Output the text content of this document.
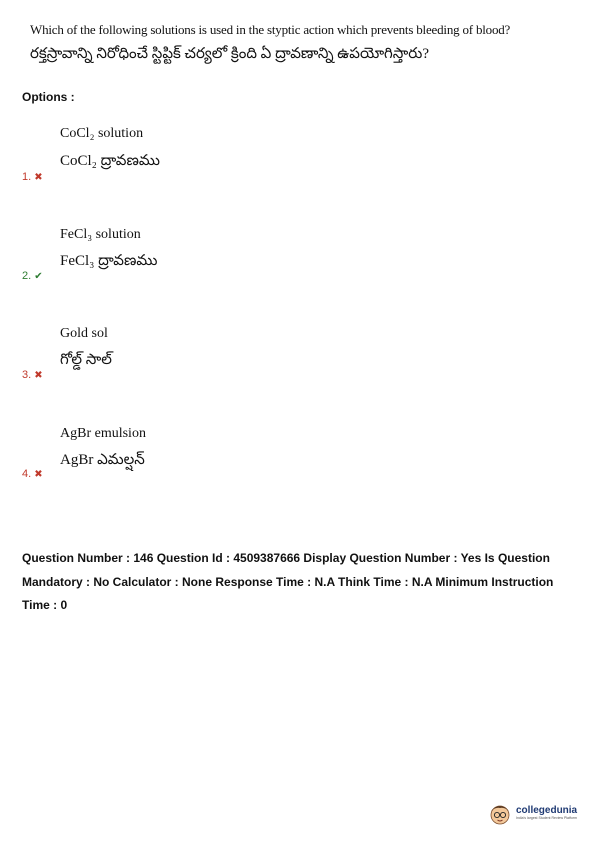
Which of the following solutions is used in the styptic action which prevents bleeding of blood?
రక్తస్రావాన్ని నిరోధించే స్టిప్టిక్ చర్యలో క్రింది ఏ ద్రావణాన్ని ఉపయోగిస్తారు?
Options :
CoCl₂ solution
CoCl₂ ద్రావణము
1. ✖
FeCl₃ solution
FeCl₃ ద్రావణము
2. ✔
Gold sol
గోల్డ్ సాల్
3. ✖
AgBr emulsion
AgBr ఎమల్షన్
4. ✖
Question Number : 146 Question Id : 4509387666 Display Question Number : Yes Is Question Mandatory : No Calculator : None Response Time : N.A Think Time : N.A Minimum Instruction Time : 0
collegedunia
India's largest Student Review Platform
